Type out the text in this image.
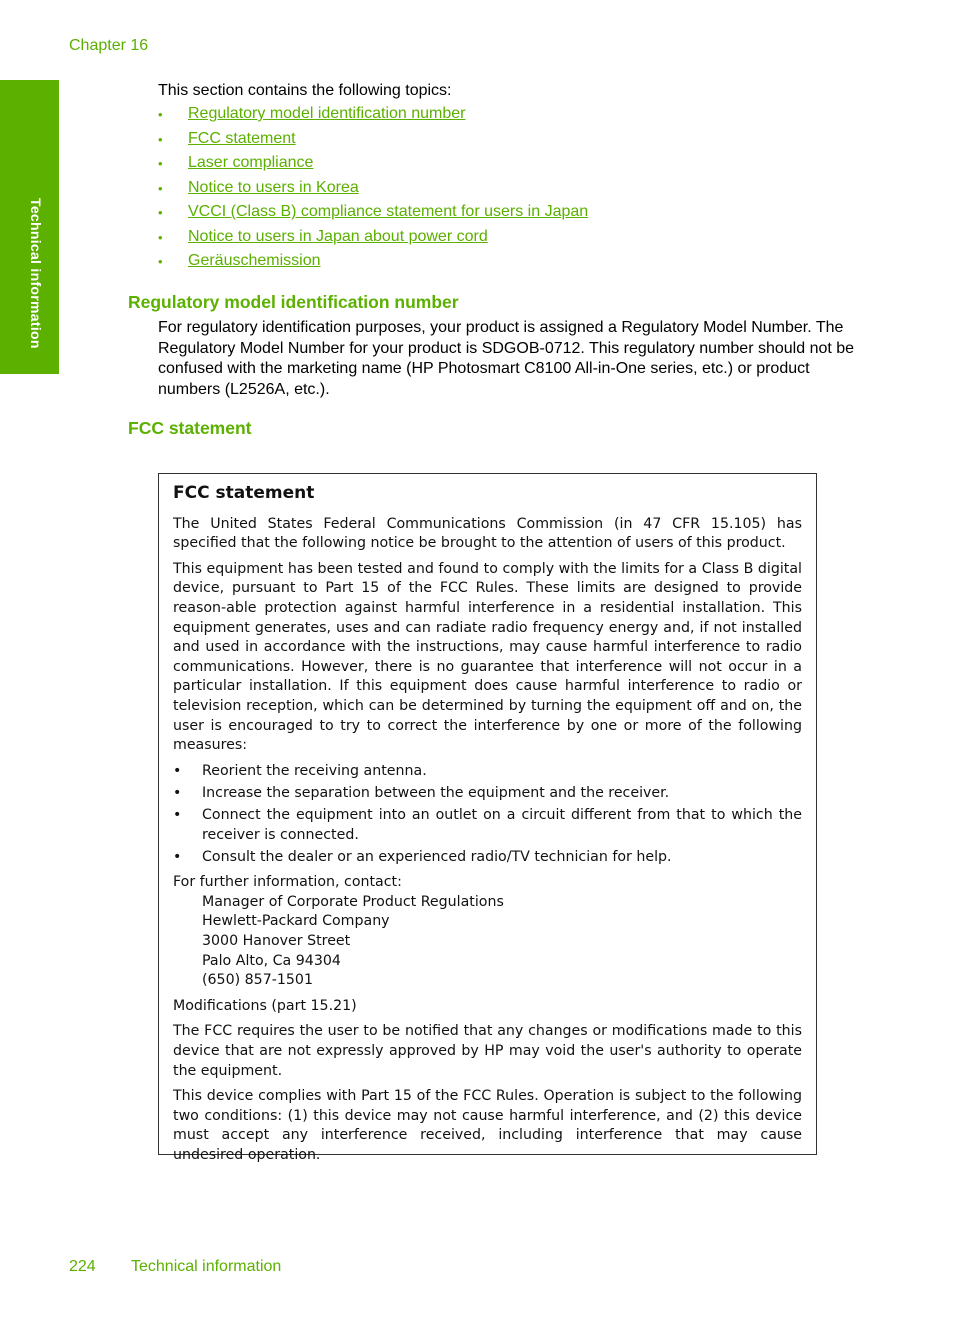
Chapter 16
Technical information
This section contains the following topics:
• Regulatory model identification number
• FCC statement
• Laser compliance
• Notice to users in Korea
• VCCI (Class B) compliance statement for users in Japan
• Notice to users in Japan about power cord
• Geräuschemission
Regulatory model identification number
For regulatory identification purposes, your product is assigned a Regulatory Model Number. The Regulatory Model Number for your product is SDGOB-0712. This regulatory number should not be confused with the marketing name (HP Photosmart C8100 All-in-One series, etc.) or product numbers (L2526A, etc.).
FCC statement
FCC statement

The United States Federal Communications Commission (in 47 CFR 15.105) has specified that the following notice be brought to the attention of users of this product.

This equipment has been tested and found to comply with the limits for a Class B digital device, pursuant to Part 15 of the FCC Rules. These limits are designed to provide reason-able protection against harmful interference in a residential installation. This equipment generates, uses and can radiate radio frequency energy and, if not installed and used in accordance with the instructions, may cause harmful interference to radio communications. However, there is no guarantee that interference will not occur in a particular installation. If this equipment does cause harmful interference to radio or television reception, which can be determined by turning the equipment off and on, the user is encouraged to try to correct the interference by one or more of the following measures:

• Reorient the receiving antenna.
• Increase the separation between the equipment and the receiver.
• Connect the equipment into an outlet on a circuit different from that to which the receiver is connected.
• Consult the dealer or an experienced radio/TV technician for help.

For further information, contact:

Manager of Corporate Product Regulations
Hewlett-Packard Company
3000 Hanover Street
Palo Alto, Ca 94304
(650) 857-1501

Modifications (part 15.21)

The FCC requires the user to be notified that any changes or modifications made to this device that are not expressly approved by HP may void the user's authority to operate the equipment.

This device complies with Part 15 of the FCC Rules. Operation is subject to the following two conditions: (1) this device may not cause harmful interference, and (2) this device must accept any interference received, including interference that may cause undesired operation.

224 Technical information
